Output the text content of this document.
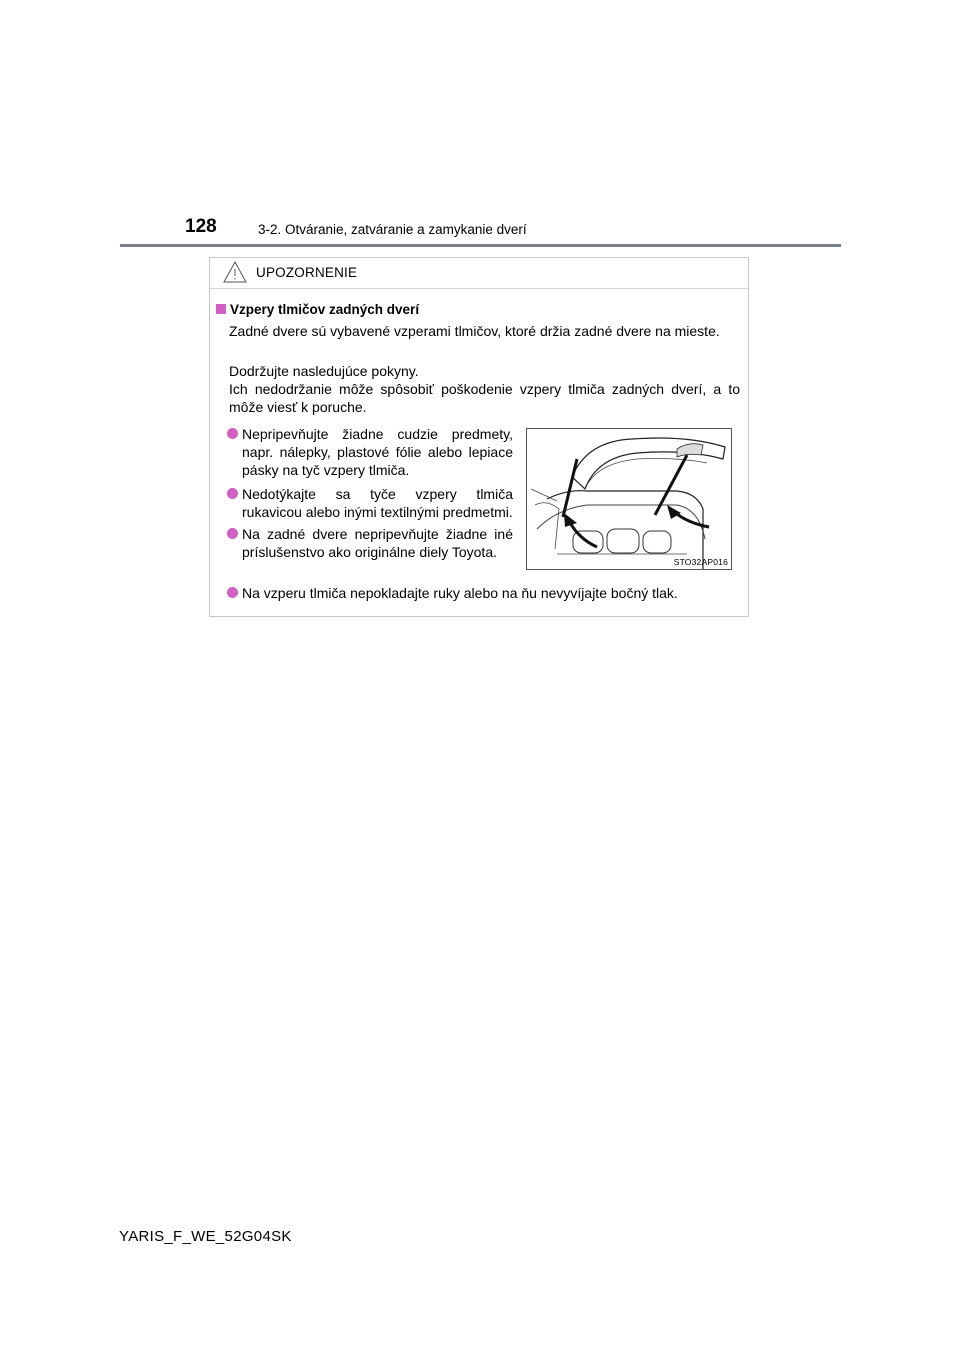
128	3-2. Otváranie, zatváranie a zamykanie dverí
UPOZORNENIE
Vzpery tlmičov zadných dverí
Zadné dvere sú vybavené vzperami tlmičov, ktoré držia zadné dvere na mieste.
Dodržujte nasledujúce pokyny.
Ich nedodržanie môže spôsobiť poškodenie vzpery tlmiča zadných dverí, a to môže viesť k poruche.
Nepripevňujte žiadne cudzie predmety, napr. nálepky, plastové fólie alebo lepiace pásky na tyč vzpery tlmiča.
Nedotýkajte sa tyče vzpery tlmiča rukavicou alebo inými textilnými predmetmi.
Na zadné dvere nepripevňujte žiadne iné príslušenstvo ako originálne diely Toyota.
Na vzperu tlmiča nepokladajte ruky alebo na ňu nevyvíjajte bočný tlak.
STO32AP016
YARIS_F_WE_52G04SK
